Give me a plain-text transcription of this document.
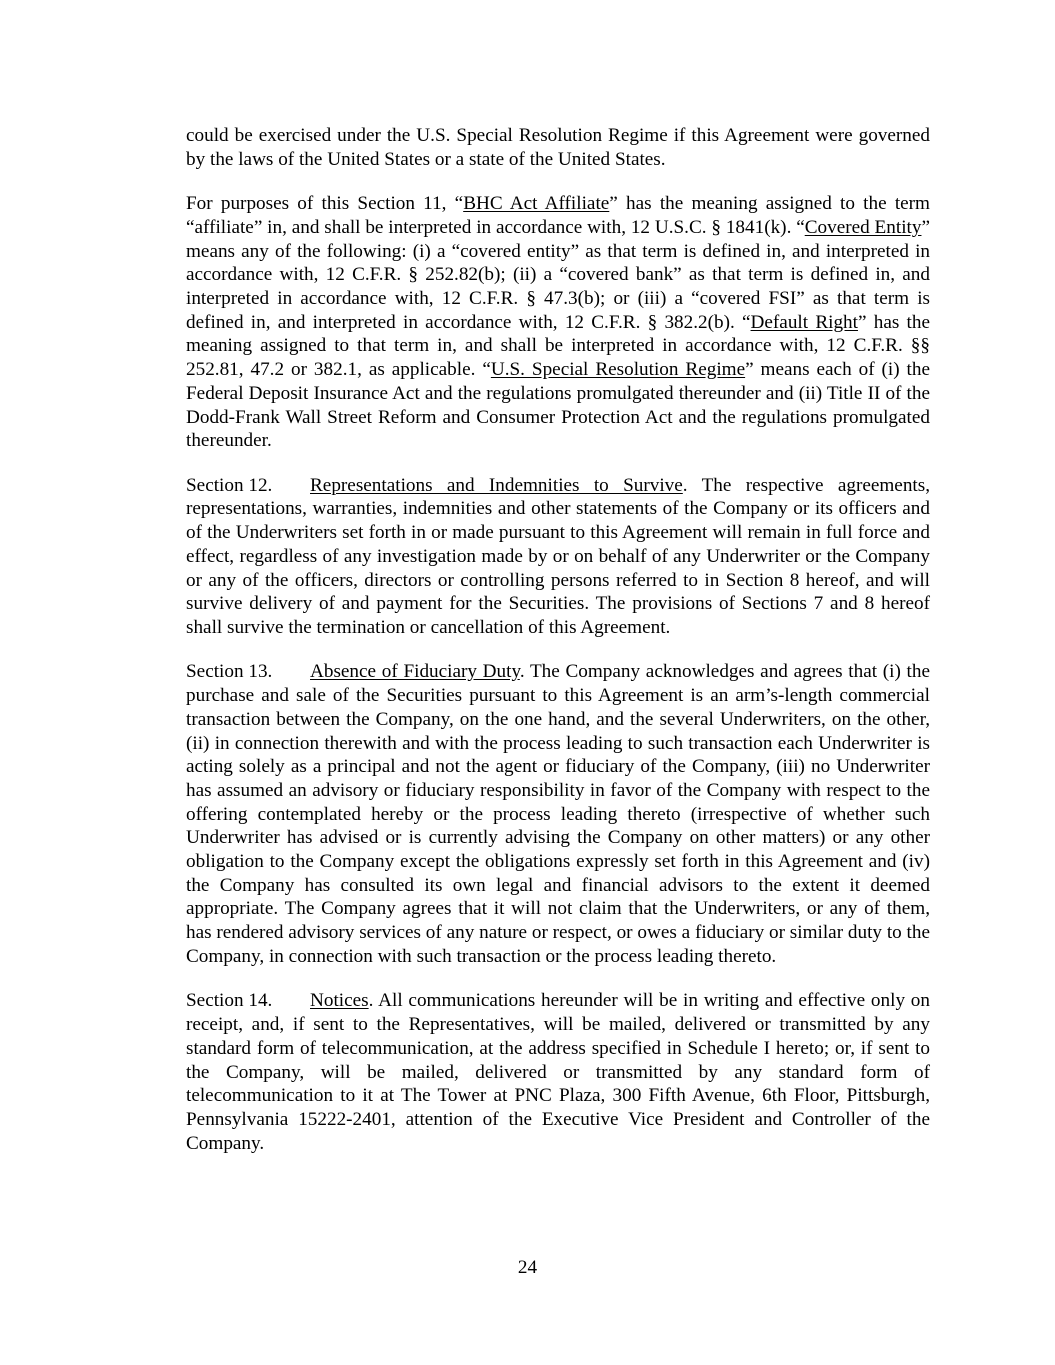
could be exercised under the U.S. Special Resolution Regime if this Agreement were governed by the laws of the United States or a state of the United States.

For purposes of this Section 11, “BHC Act Affiliate” has the meaning assigned to the term “affiliate” in, and shall be interpreted in accordance with, 12 U.S.C. § 1841(k). “Covered Entity” means any of the following: (i) a “covered entity” as that term is defined in, and interpreted in accordance with, 12 C.F.R. § 252.82(b); (ii) a “covered bank” as that term is defined in, and interpreted in accordance with, 12 C.F.R. § 47.3(b); or (iii) a “covered FSI” as that term is defined in, and interpreted in accordance with, 12 C.F.R. § 382.2(b). “Default Right” has the meaning assigned to that term in, and shall be interpreted in accordance with, 12 C.F.R. §§ 252.81, 47.2 or 382.1, as applicable. “U.S. Special Resolution Regime” means each of (i) the Federal Deposit Insurance Act and the regulations promulgated thereunder and (ii) Title II of the Dodd-Frank Wall Street Reform and Consumer Protection Act and the regulations promulgated thereunder.

Section 12. Representations and Indemnities to Survive. The respective agreements, representations, warranties, indemnities and other statements of the Company or its officers and of the Underwriters set forth in or made pursuant to this Agreement will remain in full force and effect, regardless of any investigation made by or on behalf of any Underwriter or the Company or any of the officers, directors or controlling persons referred to in Section 8 hereof, and will survive delivery of and payment for the Securities. The provisions of Sections 7 and 8 hereof shall survive the termination or cancellation of this Agreement.

Section 13. Absence of Fiduciary Duty. The Company acknowledges and agrees that (i) the purchase and sale of the Securities pursuant to this Agreement is an arm’s-length commercial transaction between the Company, on the one hand, and the several Underwriters, on the other, (ii) in connection therewith and with the process leading to such transaction each Underwriter is acting solely as a principal and not the agent or fiduciary of the Company, (iii) no Underwriter has assumed an advisory or fiduciary responsibility in favor of the Company with respect to the offering contemplated hereby or the process leading thereto (irrespective of whether such Underwriter has advised or is currently advising the Company on other matters) or any other obligation to the Company except the obligations expressly set forth in this Agreement and (iv) the Company has consulted its own legal and financial advisors to the extent it deemed appropriate. The Company agrees that it will not claim that the Underwriters, or any of them, has rendered advisory services of any nature or respect, or owes a fiduciary or similar duty to the Company, in connection with such transaction or the process leading thereto.

Section 14. Notices. All communications hereunder will be in writing and effective only on receipt, and, if sent to the Representatives, will be mailed, delivered or transmitted by any standard form of telecommunication, at the address specified in Schedule I hereto; or, if sent to the Company, will be mailed, delivered or transmitted by any standard form of telecommunication to it at The Tower at PNC Plaza, 300 Fifth Avenue, 6th Floor, Pittsburgh, Pennsylvania 15222-2401, attention of the Executive Vice President and Controller of the Company.

24
